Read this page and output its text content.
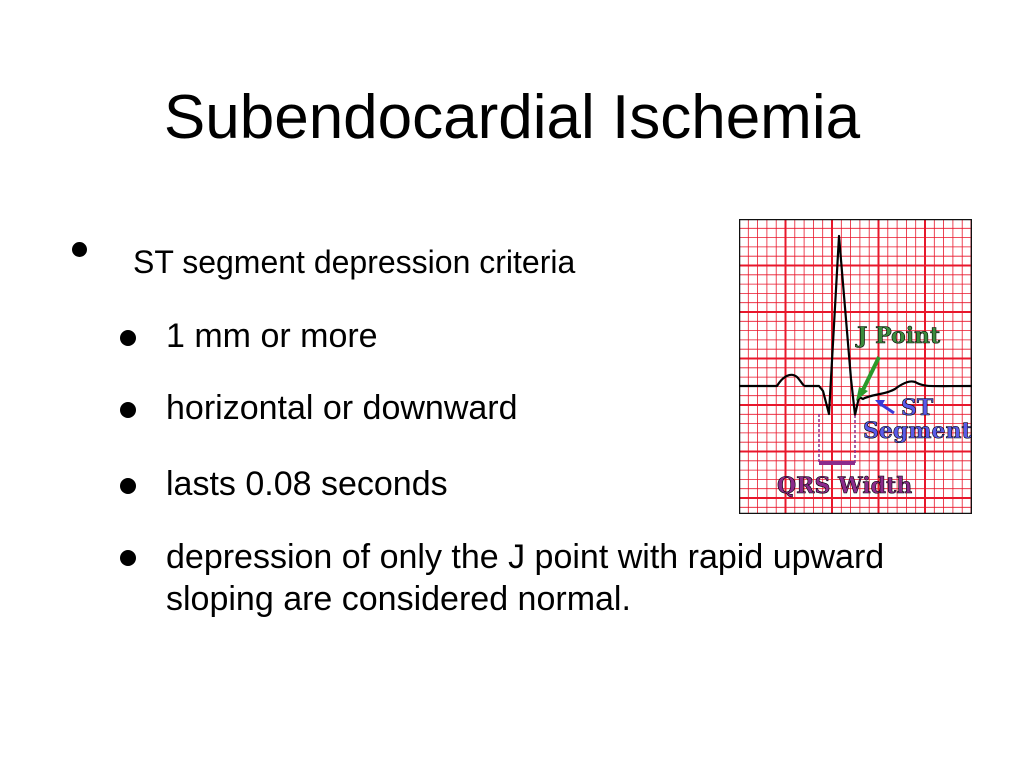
Subendocardial Ischemia
ST segment depression criteria
1 mm or more
horizontal or downward
lasts 0.08 seconds
depression of only the J point with rapid upward sloping are considered normal.
J Point
ST
Segment
QRS Width
